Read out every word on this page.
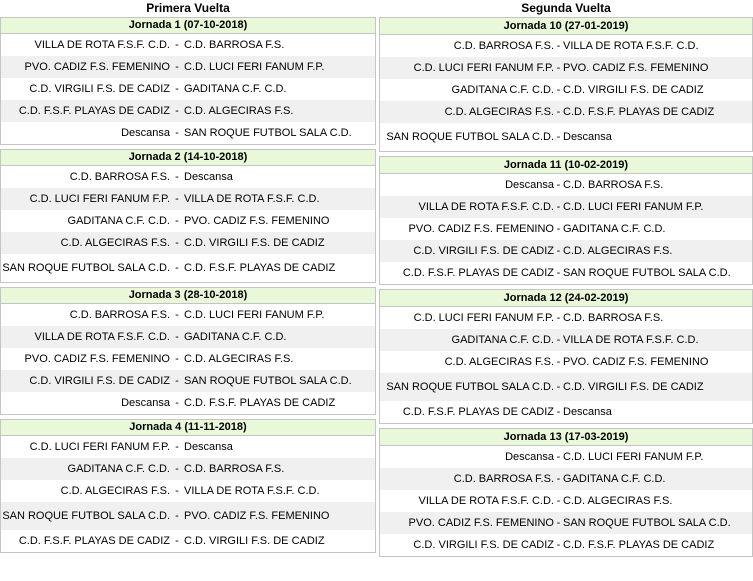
Primera Vuelta
Jornada 1 (07-10-2018)
VILLA DE ROTA F.S.F. C.D. - C.D. BARROSA F.S.
PVO. CADIZ F.S. FEMENINO - C.D. LUCI FERI FANUM F.P.
C.D. VIRGILI F.S. DE CADIZ - GADITANA C.F. C.D.
C.D. F.S.F. PLAYAS DE CADIZ - C.D. ALGECIRAS F.S.
Descansa - SAN ROQUE FUTBOL SALA C.D.
Jornada 2 (14-10-2018)
C.D. BARROSA F.S. - Descansa
C.D. LUCI FERI FANUM F.P. - VILLA DE ROTA F.S.F. C.D.
GADITANA C.F. C.D. - PVO. CADIZ F.S. FEMENINO
C.D. ALGECIRAS F.S. - C.D. VIRGILI F.S. DE CADIZ
SAN ROQUE FUTBOL SALA C.D. - C.D. F.S.F. PLAYAS DE CADIZ
Jornada 3 (28-10-2018)
C.D. BARROSA F.S. - C.D. LUCI FERI FANUM F.P.
VILLA DE ROTA F.S.F. C.D. - GADITANA C.F. C.D.
PVO. CADIZ F.S. FEMENINO - C.D. ALGECIRAS F.S.
C.D. VIRGILI F.S. DE CADIZ - SAN ROQUE FUTBOL SALA C.D.
Descansa - C.D. F.S.F. PLAYAS DE CADIZ
Jornada 4 (11-11-2018)
C.D. LUCI FERI FANUM F.P. - Descansa
GADITANA C.F. C.D. - C.D. BARROSA F.S.
C.D. ALGECIRAS F.S. - VILLA DE ROTA F.S.F. C.D.
SAN ROQUE FUTBOL SALA C.D. - PVO. CADIZ F.S. FEMENINO
C.D. F.S.F. PLAYAS DE CADIZ - C.D. VIRGILI F.S. DE CADIZ
Segunda Vuelta
Jornada 10 (27-01-2019)
C.D. BARROSA F.S. - VILLA DE ROTA F.S.F. C.D.
C.D. LUCI FERI FANUM F.P. - PVO. CADIZ F.S. FEMENINO
GADITANA C.F. C.D. - C.D. VIRGILI F.S. DE CADIZ
C.D. ALGECIRAS F.S. - C.D. F.S.F. PLAYAS DE CADIZ
SAN ROQUE FUTBOL SALA C.D. - Descansa
Jornada 11 (10-02-2019)
Descansa - C.D. BARROSA F.S.
VILLA DE ROTA F.S.F. C.D. - C.D. LUCI FERI FANUM F.P.
PVO. CADIZ F.S. FEMENINO - GADITANA C.F. C.D.
C.D. VIRGILI F.S. DE CADIZ - C.D. ALGECIRAS F.S.
C.D. F.S.F. PLAYAS DE CADIZ - SAN ROQUE FUTBOL SALA C.D.
Jornada 12 (24-02-2019)
C.D. LUCI FERI FANUM F.P. - C.D. BARROSA F.S.
GADITANA C.F. C.D. - VILLA DE ROTA F.S.F. C.D.
C.D. ALGECIRAS F.S. - PVO. CADIZ F.S. FEMENINO
SAN ROQUE FUTBOL SALA C.D. - C.D. VIRGILI F.S. DE CADIZ
C.D. F.S.F. PLAYAS DE CADIZ - Descansa
Jornada 13 (17-03-2019)
Descansa - C.D. LUCI FERI FANUM F.P.
C.D. BARROSA F.S. - GADITANA C.F. C.D.
VILLA DE ROTA F.S.F. C.D. - C.D. ALGECIRAS F.S.
PVO. CADIZ F.S. FEMENINO - SAN ROQUE FUTBOL SALA C.D.
C.D. VIRGILI F.S. DE CADIZ - C.D. F.S.F. PLAYAS DE CADIZ
